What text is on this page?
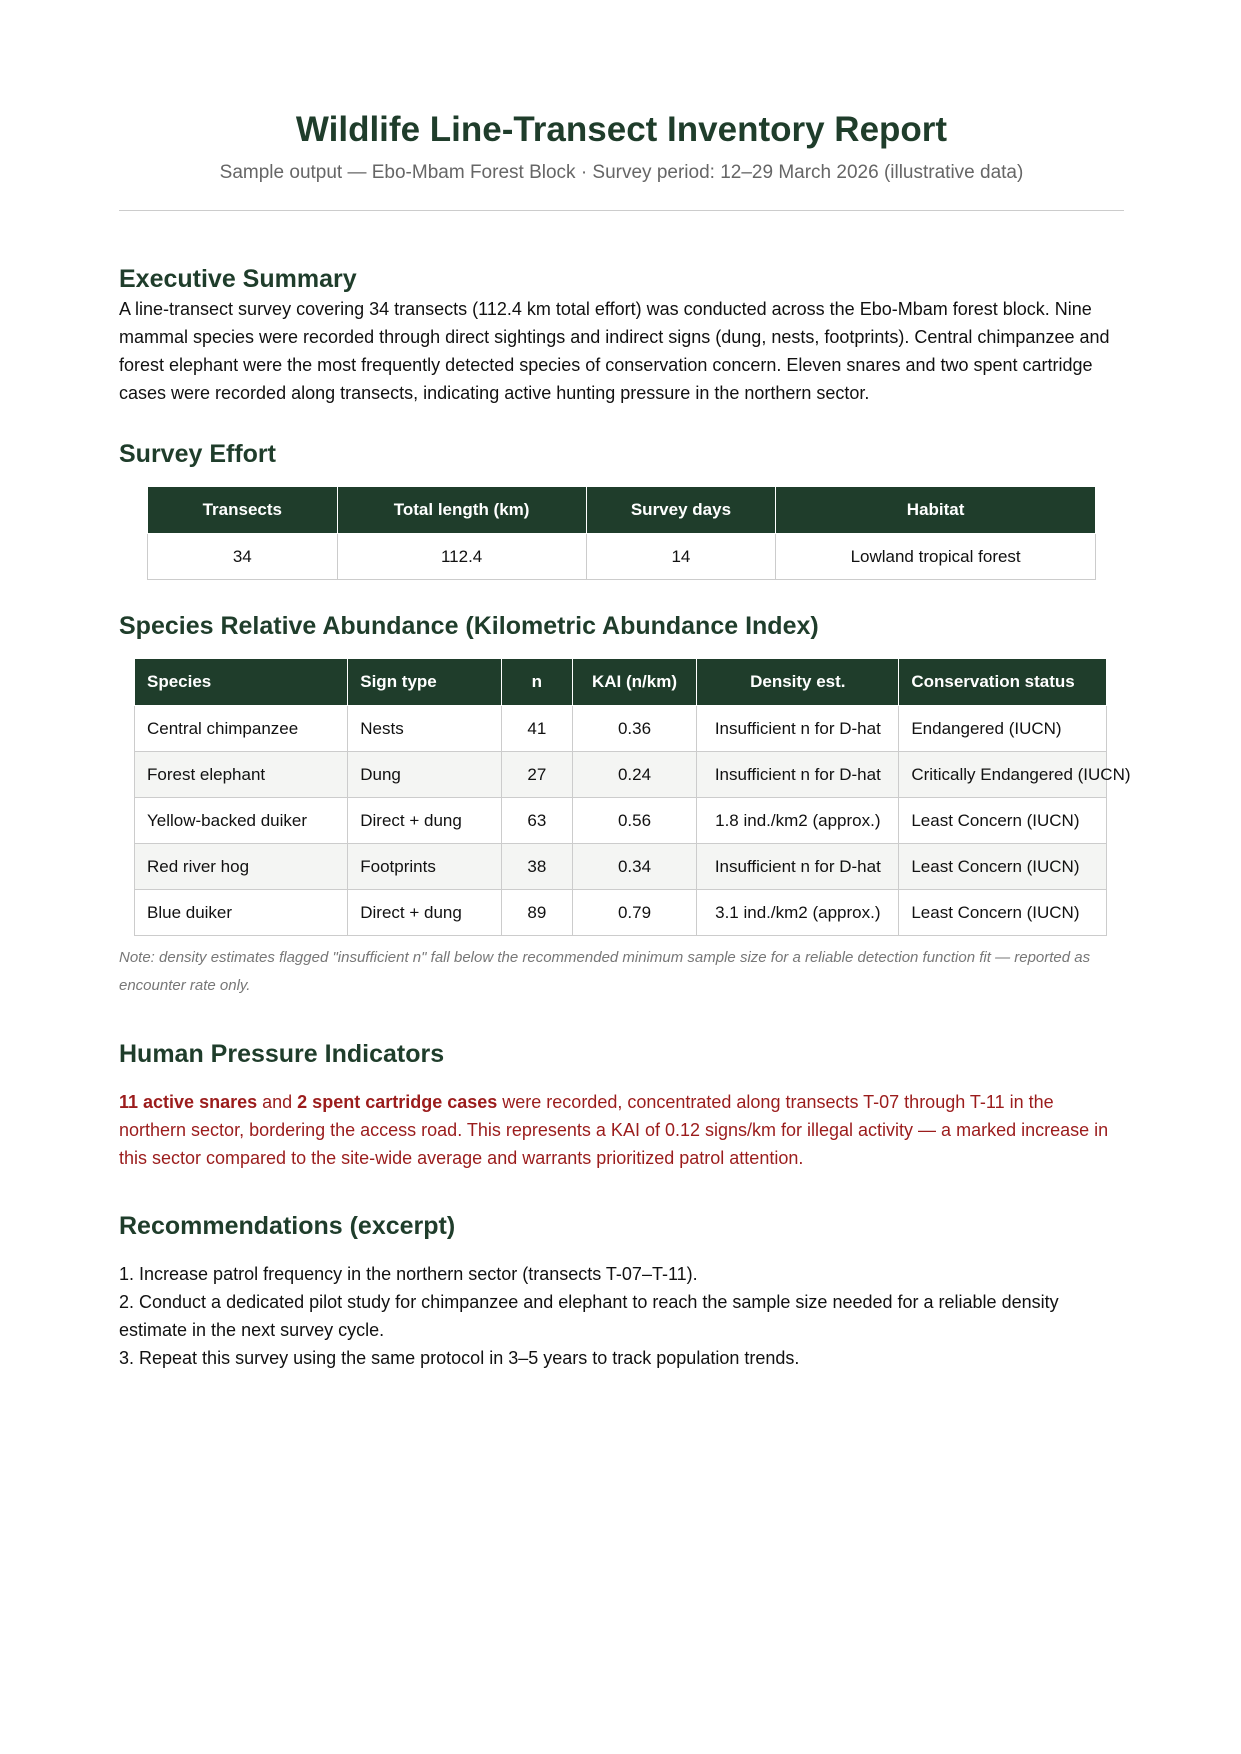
Wildlife Line-Transect Inventory Report
Sample output — Ebo-Mbam Forest Block · Survey period: 12–29 March 2026 (illustrative data)
Executive Summary

A line-transect survey covering 34 transects (112.4 km total effort) was conducted across the Ebo-Mbam forest block. Nine mammal species were recorded through direct sightings and indirect signs (dung, nests, footprints). Central chimpanzee and forest elephant were the most frequently detected species of conservation concern. Eleven snares and two spent cartridge cases were recorded along transects, indicating active hunting pressure in the northern sector.

Survey Effort
Transects	Total length (km)	Survey days	Habitat
34	112.4	14	Lowland tropical forest
Species Relative Abundance (Kilometric Abundance Index)
Species	Sign type	n	KAI (n/km)	Density est.	Conservation status
Central chimpanzee	Nests	41	0.36	Insufficient n for D-hat	Endangered (IUCN)
Forest elephant	Dung	27	0.24	Insufficient n for D-hat	Critically Endangered (IUCN)
Yellow-backed duiker	Direct + dung	63	0.56	1.8 ind./km2 (approx.)	Least Concern (IUCN)
Red river hog	Footprints	38	0.34	Insufficient n for D-hat	Least Concern (IUCN)
Blue duiker	Direct + dung	89	0.79	3.1 ind./km2 (approx.)	Least Concern (IUCN)
Note: density estimates flagged "insufficient n" fall below the recommended minimum sample size for a reliable detection function fit — reported as encounter rate only.
Human Pressure Indicators
11 active snares and 2 spent cartridge cases were recorded, concentrated along transects T-07 through T-11 in the northern sector, bordering the access road. This represents a KAI of 0.12 signs/km for illegal activity — a marked increase in this sector compared to the site-wide average and warrants prioritized patrol attention.
Recommendations (excerpt)
1. Increase patrol frequency in the northern sector (transects T-07–T-11).
2. Conduct a dedicated pilot study for chimpanzee and elephant to reach the sample size needed for a reliable density estimate in the next survey cycle.
3. Repeat this survey using the same protocol in 3–5 years to track population trends.
